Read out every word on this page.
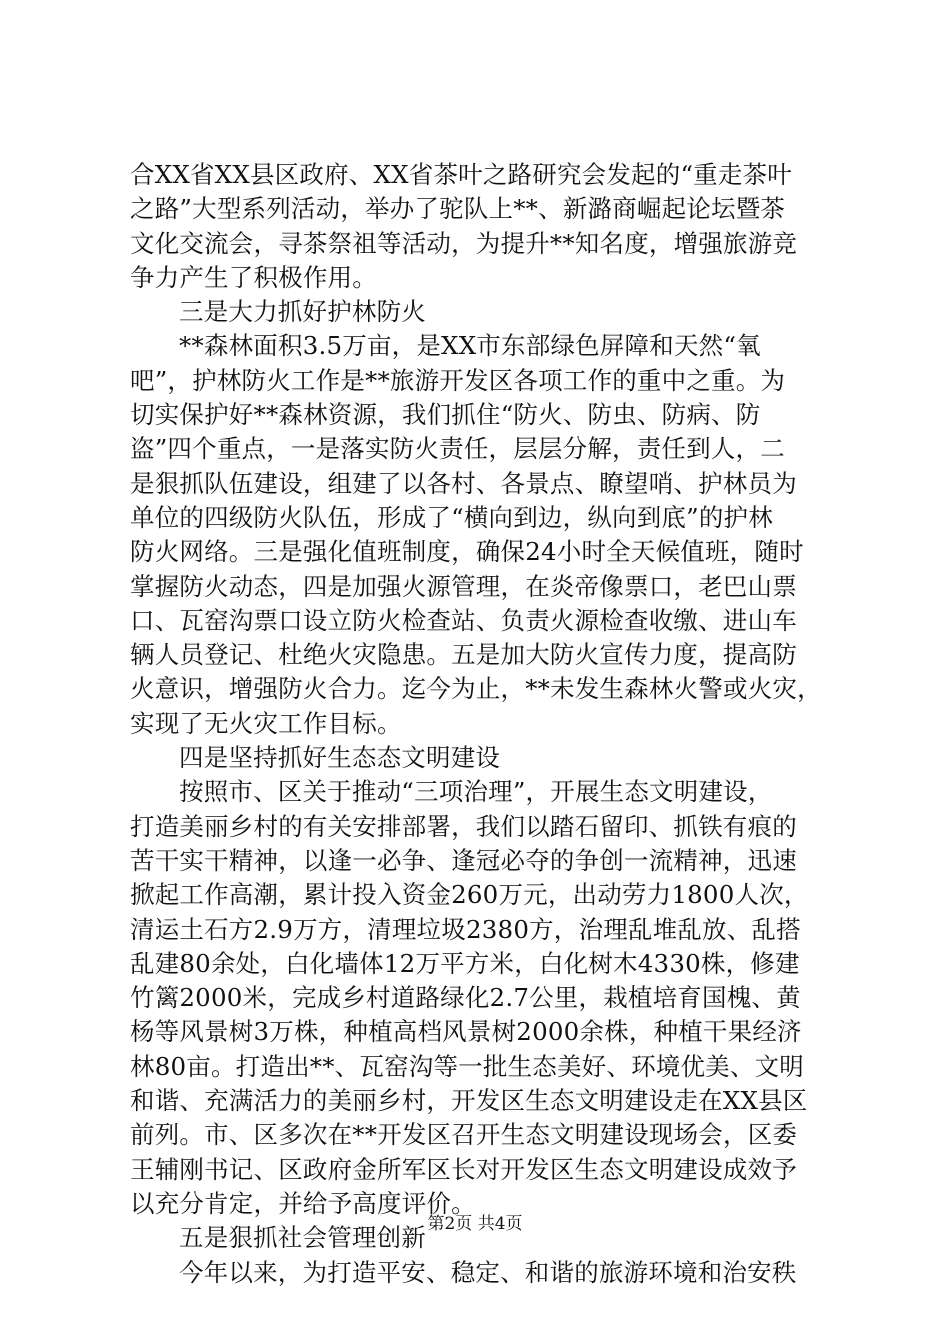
合XX省XX县区政府、XX省茶叶之路研究会发起的“重走茶叶
之路”大型系列活动，举办了驼队上**、新潞商崛起论坛暨茶
文化交流会，寻茶祭祖等活动，为提升**知名度，增强旅游竞
争力产生了积极作用。
三是大力抓好护林防火
**森林面积3.5万亩，是XX市东部绿色屏障和天然“氧
吧”，护林防火工作是**旅游开发区各项工作的重中之重。为
切实保护好**森林资源，我们抓住“防火、防虫、防病、防
盗”四个重点，一是落实防火责任，层层分解，责任到人，二
是狠抓队伍建设，组建了以各村、各景点、瞭望哨、护林员为
单位的四级防火队伍，形成了“横向到边，纵向到底”的护林
防火网络。三是强化值班制度，确保24小时全天候值班，随时
掌握防火动态，四是加强火源管理，在炎帝像票口，老巴山票
口、瓦窑沟票口设立防火检查站、负责火源检查收缴、进山车
辆人员登记、杜绝火灾隐患。五是加大防火宣传力度，提高防
火意识，增强防火合力。迄今为止，**未发生森林火警或火灾，
实现了无火灾工作目标。
四是坚持抓好生态态文明建设
按照市、区关于推动“三项治理”，开展生态文明建设，
打造美丽乡村的有关安排部署，我们以踏石留印、抓铁有痕的
苦干实干精神，以逢一必争、逢冠必夺的争创一流精神，迅速
掀起工作高潮，累计投入资金260万元，出动劳力1800人次，
清运土石方2.9万方，清理垃圾2380方，治理乱堆乱放、乱搭
乱建80余处，白化墙体12万平方米，白化树木4330株，修建
竹篱2000米，完成乡村道路绿化2.7公里，栽植培育国槐、黄
杨等风景树3万株，种植高档风景树2000余株，种植干果经济
林80亩。打造出**、瓦窑沟等一批生态美好、环境优美、文明
和谐、充满活力的美丽乡村，开发区生态文明建设走在XX县区
前列。市、区多次在**开发区召开生态文明建设现场会，区委
王辅刚书记、区政府金所军区长对开发区生态文明建设成效予
以充分肯定，并给予高度评价。
五是狠抓社会管理创新
今年以来，为打造平安、稳定、和谐的旅游环境和治安秩
第2页 共4页
